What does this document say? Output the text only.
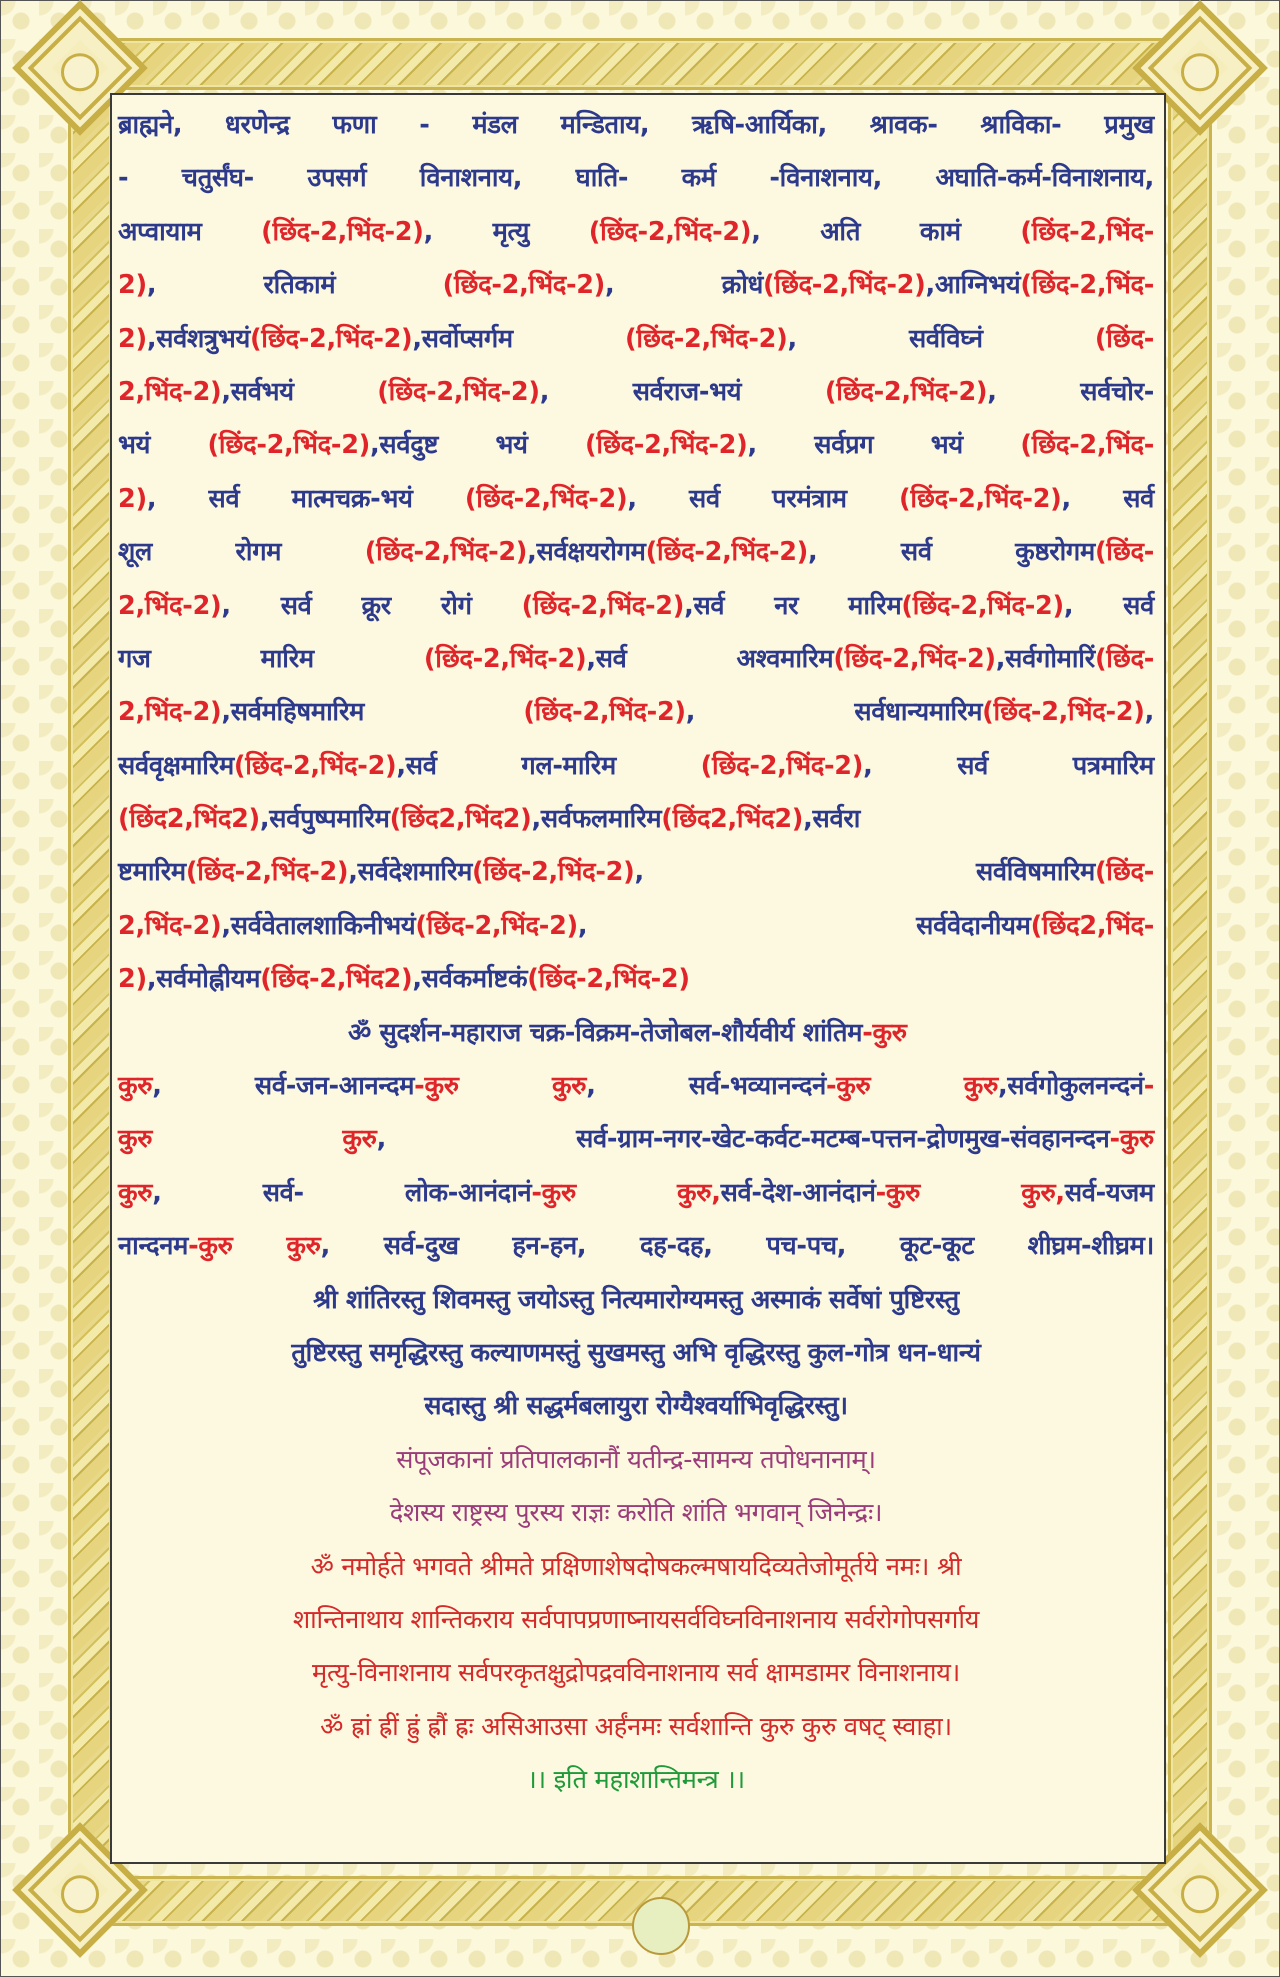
ब्राह्मने, धरणेन्द्र फणा - मंडल मन्डिताय, ऋषि-आर्यिका, श्रावक- श्राविका- प्रमुख
- चतुर्संघ- उपसर्ग विनाशनाय, घाति- कर्म -विनाशनाय, अघाति-कर्म-विनाशनाय,
अप्वायाम (छिंद-2,भिंद-2), मृत्यु (छिंद-2,भिंद-2), अति कामं (छिंद-2,भिंद-
2), रतिकामं (छिंद-2,भिंद-2), क्रोधं(छिंद-2,भिंद-2),आग्निभयं(छिंद-2,भिंद-
2),सर्वशत्रुभयं(छिंद-2,भिंद-2),सर्वोप्सर्गम (छिंद-2,भिंद-2), सर्वविघ्नं (छिंद-
2,भिंद-2),सर्वभयं (छिंद-2,भिंद-2), सर्वराज-भयं (छिंद-2,भिंद-2), सर्वचोर-
भयं (छिंद-2,भिंद-2),सर्वदुष्ट भयं (छिंद-2,भिंद-2), सर्वप्रग भयं (छिंद-2,भिंद-
2), सर्व मात्मचक्र-भयं (छिंद-2,भिंद-2), सर्व परमंत्राम (छिंद-2,भिंद-2), सर्व
शूल रोगम (छिंद-2,भिंद-2),सर्वक्षयरोगम(छिंद-2,भिंद-2), सर्व कुष्ठरोगम(छिंद-
2,भिंद-2), सर्व क्रूर रोगं (छिंद-2,भिंद-2),सर्व नर मारिम(छिंद-2,भिंद-2), सर्व
गज मारिम (छिंद-2,भिंद-2),सर्व अश्वमारिम(छिंद-2,भिंद-2),सर्वगोमारिं(छिंद-
2,भिंद-2),सर्वमहिषमारिम (छिंद-2,भिंद-2), सर्वधान्यमारिम(छिंद-2,भिंद-2),
सर्ववृक्षमारिम(छिंद-2,भिंद-2),सर्व गल-मारिम (छिंद-2,भिंद-2), सर्व पत्रमारिम
(छिंद2,भिंद2),सर्वपुष्पमारिम(छिंद2,भिंद2),सर्वफलमारिम(छिंद2,भिंद2),सर्वरा
ष्टमारिम(छिंद-2,भिंद-2),सर्वदेशमारिम(छिंद-2,भिंद-2), सर्वविषमारिम(छिंद-
2,भिंद-2),सर्ववेतालशाकिनीभयं(छिंद-2,भिंद-2), सर्ववेदानीयम(छिंद2,भिंद-
2),सर्वमोह्नीयम(छिंद-2,भिंद2),सर्वकर्माष्टकं(छिंद-2,भिंद-2)
ॐ सुदर्शन-महाराज चक्र-विक्रम-तेजोबल-शौर्यवीर्य शांतिम-कुरु
कुरु, सर्व-जन-आनन्दम-कुरु कुरु, सर्व-भव्यानन्दनं-कुरु कुरु,सर्वगोकुलनन्दनं-
कुरु कुरु, सर्व-ग्राम-नगर-खेट-कर्वट-मटम्ब-पत्तन-द्रोणमुख-संवहानन्दन-कुरु
कुरु, सर्व- लोक-आनंदानं-कुरु कुरु,सर्व-देश-आनंदानं-कुरु कुरु,सर्व-यजम
नान्दनम-कुरु कुरु, सर्व-दुख हन-हन, दह-दह, पच-पच, कूट-कूट शीघ्रम-शीघ्रम।
श्री शांतिरस्तु शिवमस्तु जयोऽस्तु नित्यमारोग्यमस्तु अस्माकं सर्वेषां पुष्टिरस्तु
तुष्टिरस्तु समृद्धिरस्तु कल्याणमस्तुं सुखमस्तु अभि वृद्धिरस्तु कुल-गोत्र धन-धान्यं
सदास्तु श्री सद्धर्मबलायुरा रोग्यैश्वर्याभिवृद्धिरस्तु।
संपूजकानां प्रतिपालकानौं यतीन्द्र-सामन्य तपोधनानाम्।
देशस्य राष्ट्रस्य पुरस्य राज्ञः करोति शांति भगवान् जिनेन्द्रः।
ॐ नमोर्हते भगवते श्रीमते प्रक्षिणाशेषदोषकल्मषायदिव्यतेजोमूर्तये नमः। श्री
शान्तिनाथाय शान्तिकराय सर्वपापप्रणाष्नायसर्वविघ्नविनाशनाय सर्वरोगोपसर्गाय
मृत्यु-विनाशनाय सर्वपरकृतक्षुद्रोपद्रवविनाशनाय सर्व क्षामडामर विनाशनाय।
ॐ ह्रां ह्रीं ह्रुं ह्रौं ह्रः असिआउसा अर्हंनमः सर्वशान्ति कुरु कुरु वषट् स्वाहा।
।। इति महाशान्तिमन्त्र ।।
